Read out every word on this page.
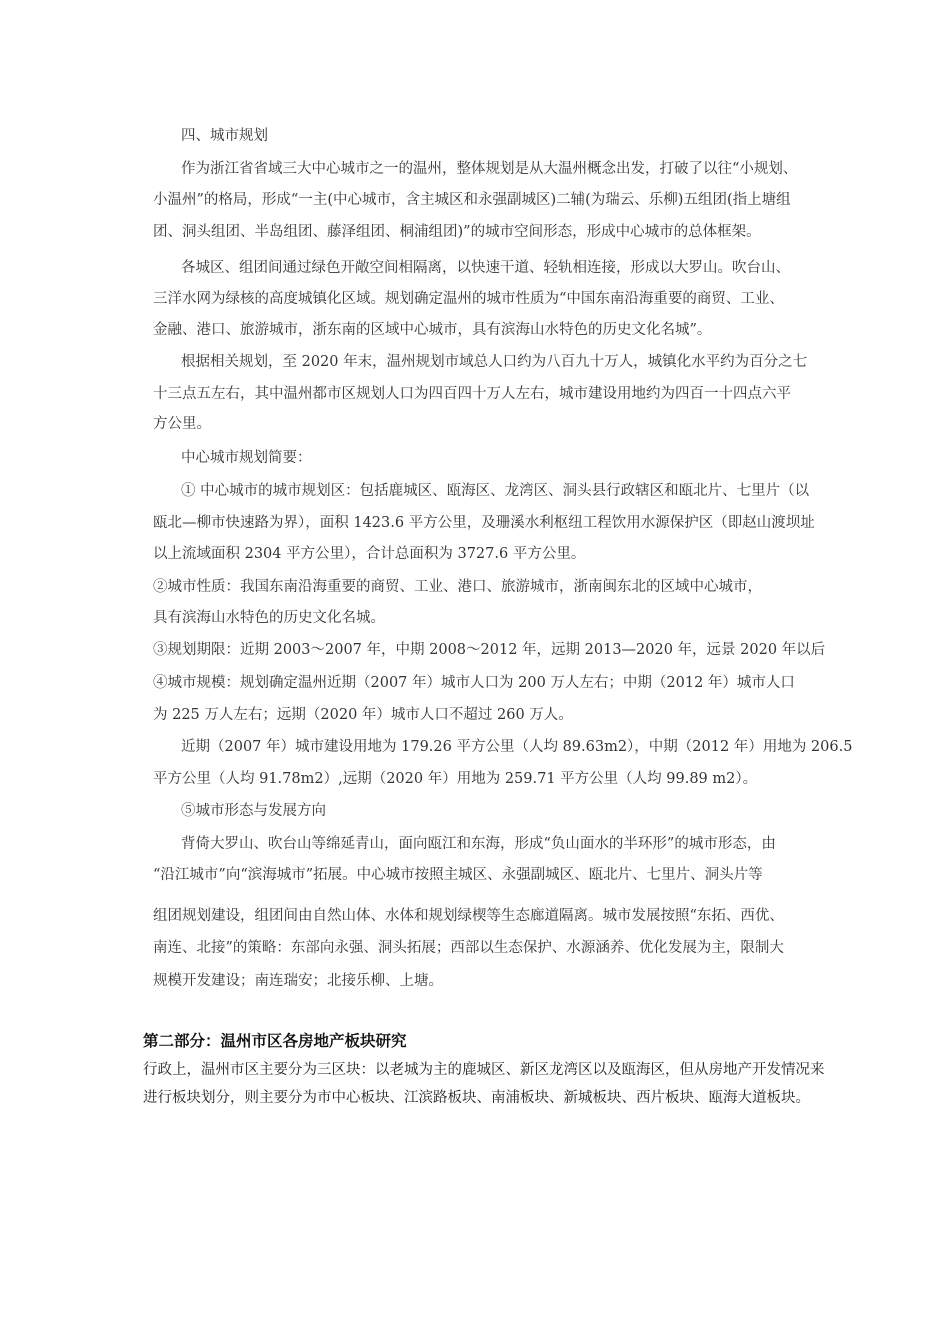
四、城市规划
作为浙江省省域三大中心城市之一的温州，整体规划是从大温州概念出发，打破了以往“小规划、
小温州”的格局，形成“一主(中心城市，含主城区和永强副城区)二辅(为瑞云、乐柳)五组团(指上塘组
团、洞头组团、半岛组团、藤泽组团、桐浦组团)”的城市空间形态，形成中心城市的总体框架。
各城区、组团间通过绿色开敞空间相隔离，以快速干道、轻轨相连接，形成以大罗山。吹台山、
三洋水网为绿核的高度城镇化区域。规划确定温州的城市性质为“中国东南沿海重要的商贸、工业、
金融、港口、旅游城市，浙东南的区域中心城市，具有滨海山水特色的历史文化名城”。
根据相关规划，至 2020 年末，温州规划市域总人口约为八百九十万人，城镇化水平约为百分之七
十三点五左右，其中温州都市区规划人口为四百四十万人左右，城市建设用地约为四百一十四点六平
方公里。
中心城市规划简要：
① 中心城市的城市规划区：包括鹿城区、瓯海区、龙湾区、洞头县行政辖区和瓯北片、七里片（以
瓯北—柳市快速路为界），面积 1423.6 平方公里，及珊溪水利枢纽工程饮用水源保护区（即赵山渡坝址
以上流域面积 2304 平方公里），合计总面积为 3727.6 平方公里。
②城市性质：我国东南沿海重要的商贸、工业、港口、旅游城市，浙南闽东北的区域中心城市，
具有滨海山水特色的历史文化名城。
③规划期限：近期 2003～2007 年，中期 2008～2012 年，远期 2013—2020 年，远景 2020 年以后
④城市规模：规划确定温州近期（2007 年）城市人口为 200 万人左右；中期（2012 年）城市人口
为 225 万人左右；远期（2020 年）城市人口不超过 260 万人。
近期（2007 年）城市建设用地为 179.26 平方公里（人均 89.63m2），中期（2012 年）用地为 206.5
平方公里（人均 91.78m2）,远期（2020 年）用地为 259.71 平方公里（人均 99.89 m2）。
⑤城市形态与发展方向
背倚大罗山、吹台山等绵延青山，面向瓯江和东海，形成“负山面水的半环形”的城市形态，由
“沿江城市”向“滨海城市”拓展。中心城市按照主城区、永强副城区、瓯北片、七里片、洞头片等
组团规划建设，组团间由自然山体、水体和规划绿楔等生态廊道隔离。城市发展按照“东拓、西优、
南连、北接”的策略：东部向永强、洞头拓展；西部以生态保护、水源涵养、优化发展为主，限制大
规模开发建设；南连瑞安；北接乐柳、上塘。
第二部分：温州市区各房地产板块研究
行政上，温州市区主要分为三区块：以老城为主的鹿城区、新区龙湾区以及瓯海区，但从房地产开发情况来
进行板块划分，则主要分为市中心板块、江滨路板块、南浦板块、新城板块、西片板块、瓯海大道板块。
